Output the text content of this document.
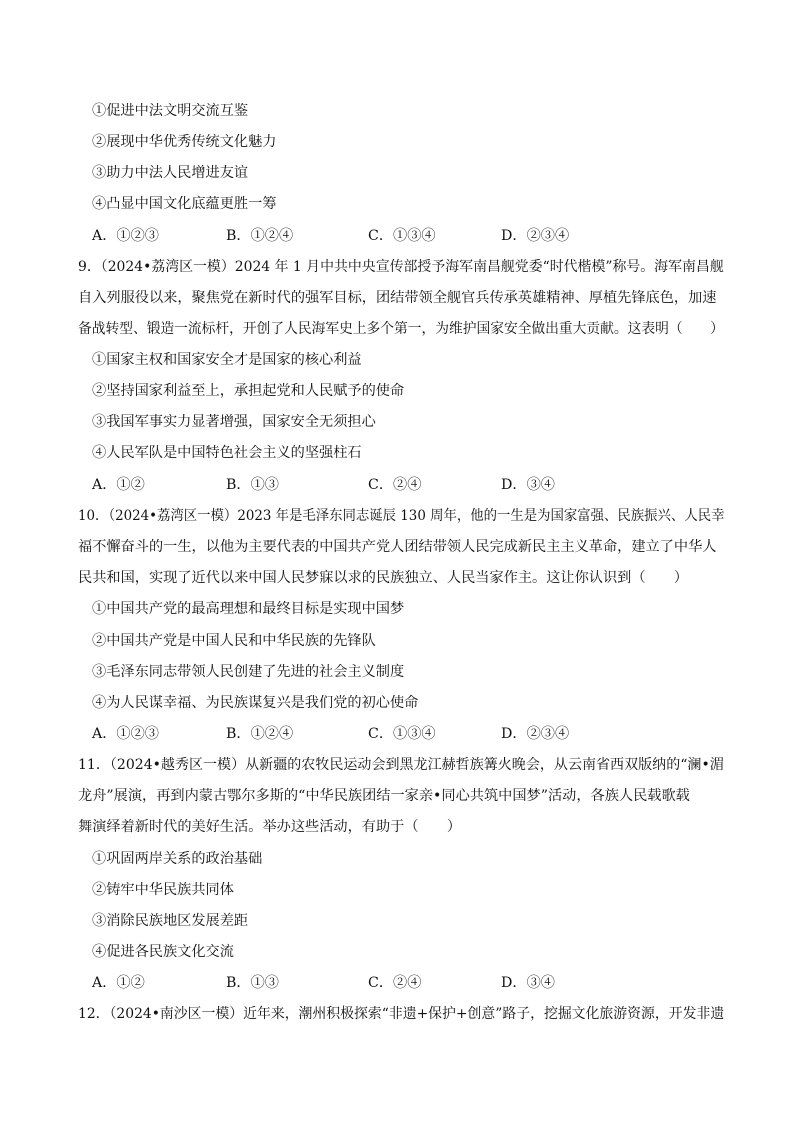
①促进中法文明交流互鉴
②展现中华优秀传统文化魅力
③助力中法人民增进友谊
④凸显中国文化底蕴更胜一筹
A．①②③	B．①②④	C．①③④	D．②③④
9．（2024•荔湾区一模）2024 年 1 月中共中央宣传部授予海军南昌舰党委“时代楷模”称号。海军南昌舰
自入列服役以来，聚焦党在新时代的强军目标，团结带领全舰官兵传承英雄精神、厚植先锋底色，加速
备战转型、锻造一流标杆，开创了人民海军史上多个第一，为维护国家安全做出重大贡献。这表明（　　）
①国家主权和国家安全才是国家的核心利益
②坚持国家利益至上，承担起党和人民赋予的使命
③我国军事实力显著增强，国家安全无须担心
④人民军队是中国特色社会主义的坚强柱石
A．①②	B．①③	C．②④	D．③④
10．（2024•荔湾区一模）2023 年是毛泽东同志诞辰 130 周年，他的一生是为国家富强、民族振兴、人民幸
福不懈奋斗的一生，以他为主要代表的中国共产党人团结带领人民完成新民主主义革命，建立了中华人
民共和国，实现了近代以来中国人民梦寐以求的民族独立、人民当家作主。这让你认识到（　　）
①中国共产党的最高理想和最终目标是实现中国梦
②中国共产党是中国人民和中华民族的先锋队
③毛泽东同志带领人民创建了先进的社会主义制度
④为人民谋幸福、为民族谋复兴是我们党的初心使命
A．①②③	B．①②④	C．①③④	D．②③④
11．（2024•越秀区一模）从新疆的农牧民运动会到黑龙江赫哲族篝火晚会，从云南省西双版纳的“澜•湄
龙舟”展演，再到内蒙古鄂尔多斯的“中华民族团结一家亲•同心共筑中国梦”活动，各族人民载歌载
舞演绎着新时代的美好生活。举办这些活动，有助于（　　）
①巩固两岸关系的政治基础
②铸牢中华民族共同体
③消除民族地区发展差距
④促进各民族文化交流
A．①②	B．①③	C．②④	D．③④
12．（2024•南沙区一模）近年来，潮州积极探索“非遗+保护+创意”路子，挖掘文化旅游资源，开发非遗
